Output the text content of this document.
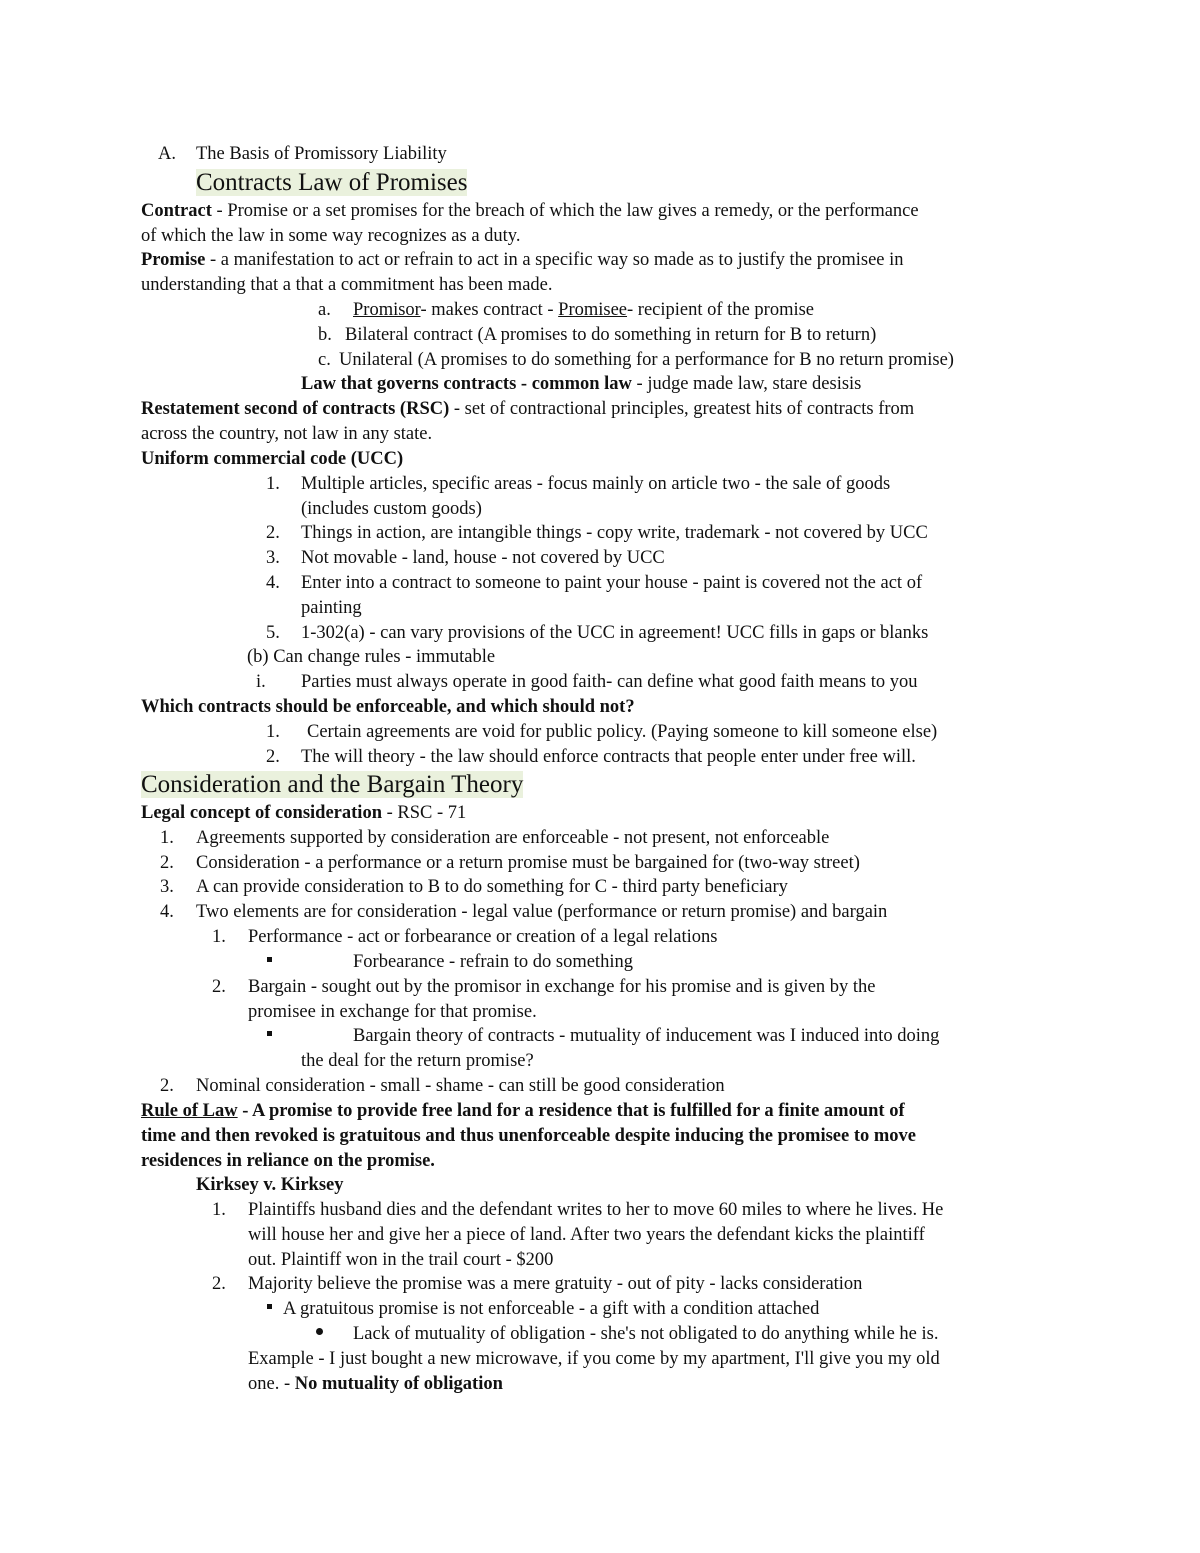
A. The Basis of Promissory Liability
Contracts Law of Promises
Contract - Promise or a set promises for the breach of which the law gives a remedy, or the performance
of which the law in some way recognizes as a duty.
Promise - a manifestation to act or refrain to act in a specific way so made as to justify the promisee in
understanding that a that a commitment has been made.
a. Promisor- makes contract - Promisee- recipient of the promise
b. Bilateral contract (A promises to do something in return for B to return)
c. Unilateral (A promises to do something for a performance for B no return promise)
Law that governs contracts - common law - judge made law, stare desisis
Restatement second of contracts (RSC) - set of contractional principles, greatest hits of contracts from
across the country, not law in any state.
Uniform commercial code (UCC)
1. Multiple articles, specific areas - focus mainly on article two - the sale of goods
(includes custom goods)
2. Things in action, are intangible things - copy write, trademark - not covered by UCC
3. Not movable - land, house - not covered by UCC
4. Enter into a contract to someone to paint your house - paint is covered not the act of
painting
5. 1-302(a) - can vary provisions of the UCC in agreement! UCC fills in gaps or blanks
(b) Can change rules - immutable
i. Parties must always operate in good faith- can define what good faith means to you
Which contracts should be enforceable, and which should not?
1. Certain agreements are void for public policy. (Paying someone to kill someone else)
2. The will theory - the law should enforce contracts that people enter under free will.
Consideration and the Bargain Theory
Legal concept of consideration - RSC - 71
1. Agreements supported by consideration are enforceable - not present, not enforceable
2. Consideration - a performance or a return promise must be bargained for (two-way street)
3. A can provide consideration to B to do something for C - third party beneficiary
4. Two elements are for consideration - legal value (performance or return promise) and bargain
1. Performance - act or forbearance or creation of a legal relations
Forbearance - refrain to do something
2. Bargain - sought out by the promisor in exchange for his promise and is given by the
promisee in exchange for that promise.
Bargain theory of contracts - mutuality of inducement was I induced into doing
the deal for the return promise?
2. Nominal consideration - small - shame - can still be good consideration
Rule of Law - A promise to provide free land for a residence that is fulfilled for a finite amount of
time and then revoked is gratuitous and thus unenforceable despite inducing the promisee to move
residences in reliance on the promise.
Kirksey v. Kirksey
1. Plaintiffs husband dies and the defendant writes to her to move 60 miles to where he lives. He
will house her and give her a piece of land. After two years the defendant kicks the plaintiff
out. Plaintiff won in the trail court - $200
2. Majority believe the promise was a mere gratuity - out of pity - lacks consideration
A gratuitous promise is not enforceable - a gift with a condition attached
Lack of mutuality of obligation - she's not obligated to do anything while he is.
Example - I just bought a new microwave, if you come by my apartment, I'll give you my old
one. - No mutuality of obligation
